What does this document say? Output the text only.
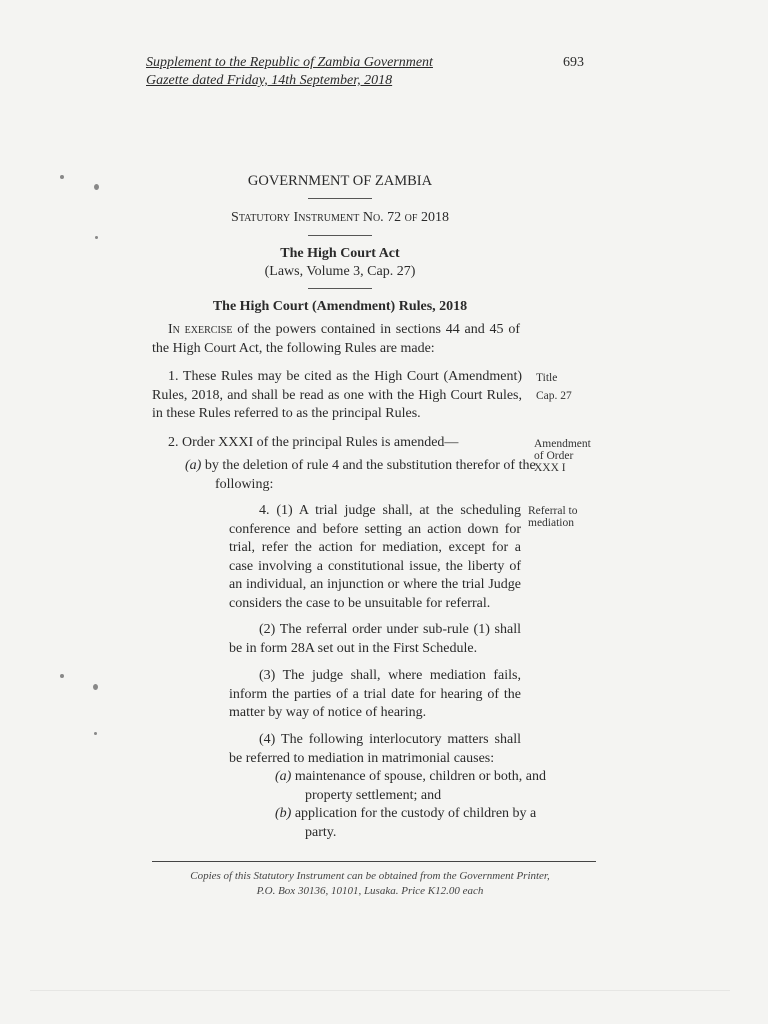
Supplement to the Republic of Zambia Government
Gazette dated Friday, 14th September, 2018
693
GOVERNMENT OF ZAMBIA
Statutory Instrument No. 72 of 2018
The High Court Act
(Laws, Volume 3, Cap. 27)
The High Court (Amendment) Rules, 2018
In exercise of the powers contained in sections 44 and 45 of the High Court Act, the following Rules are made:
1. These Rules may be cited as the High Court (Amendment) Rules, 2018, and shall be read as one with the High Court Rules, in these Rules referred to as the principal Rules.
Title
Cap. 27
2. Order XXXI of the principal Rules is amended—	Amendment of Order XXX I
(a) by the deletion of rule 4 and the substitution therefor of the following:
4. (1) A trial judge shall, at the scheduling conference and before setting an action down for trial, refer the action for mediation, except for a case involving a constitutional issue, the liberty of an individual, an injunction or where the trial Judge considers the case to be unsuitable for referral.
Referral to mediation
(2) The referral order under sub-rule (1) shall be in form 28A set out in the First Schedule.
(3) The judge shall, where mediation fails, inform the parties of a trial date for hearing of the matter by way of notice of hearing.
(4) The following interlocutory matters shall be referred to mediation in matrimonial causes:
(a) maintenance of spouse, children or both, and property settlement; and
(b) application for the custody of children by a party.
Copies of this Statutory Instrument can be obtained from the Government Printer,
P.O. Box 30136, 10101, Lusaka. Price K12.00 each
